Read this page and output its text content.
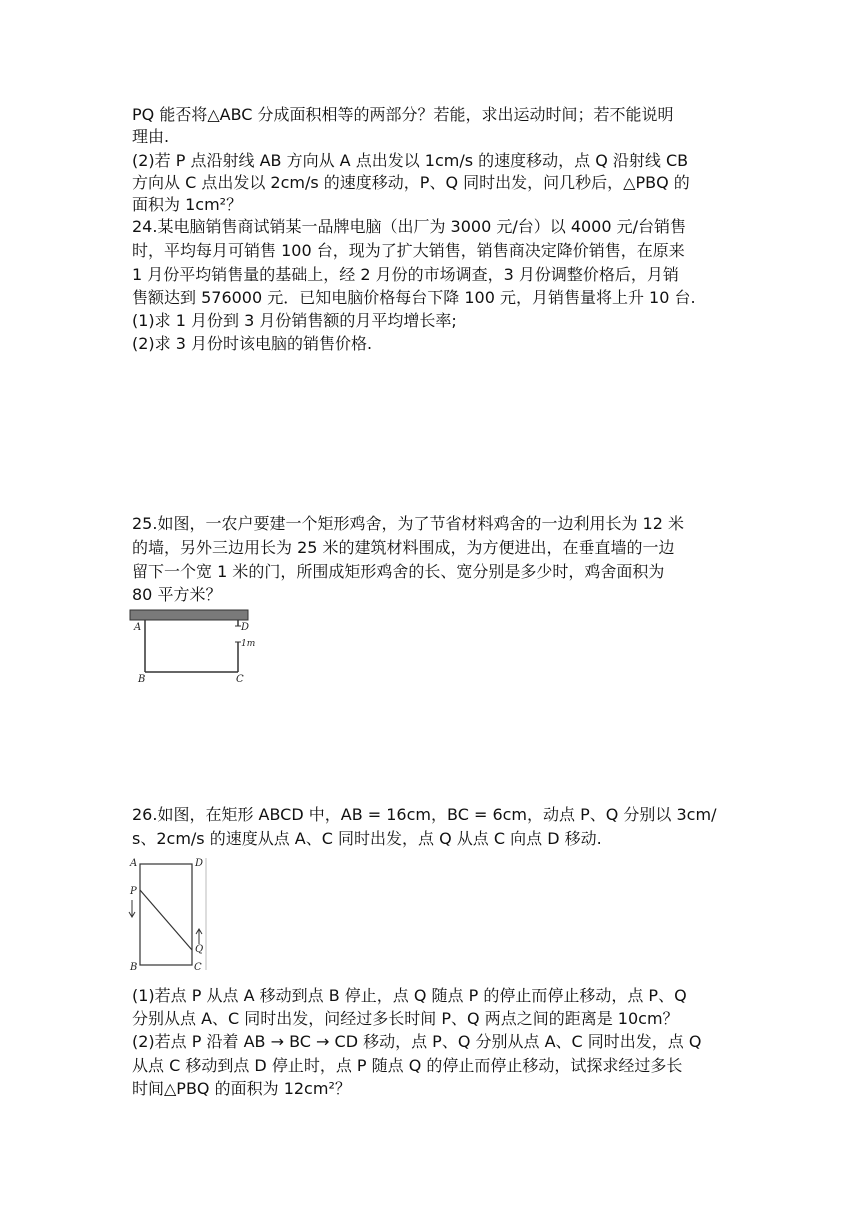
PQ 能否将△ABC 分成面积相等的两部分？若能，求出运动时间；若不能说明
理由.
(2)若 P 点沿射线 AB 方向从 A 点出发以 1cm/s 的速度移动，点 Q 沿射线 CB
方向从 C 点出发以 2cm/s 的速度移动，P、Q 同时出发，问几秒后，△PBQ 的
面积为 1cm²？
24.某电脑销售商试销某一品牌电脑（出厂为 3000 元/台）以 4000 元/台销售
时，平均每月可销售 100 台，现为了扩大销售，销售商决定降价销售，在原来
1 月份平均销售量的基础上，经 2 月份的市场调查，3 月份调整价格后，月销
售额达到 576000 元．已知电脑价格每台下降 100 元，月销售量将上升 10 台.
(1)求 1 月份到 3 月份销售额的月平均增长率;
(2)求 3 月份时该电脑的销售价格.
25.如图，一农户要建一个矩形鸡舍，为了节省材料鸡舍的一边利用长为 12 米
的墙，另外三边用长为 25 米的建筑材料围成，为方便进出，在垂直墙的一边
留下一个宽 1 米的门，所围成矩形鸡舍的长、宽分别是多少时，鸡舍面积为
80 平方米？
A	D
1m
B	C
26.如图，在矩形 ABCD 中，AB = 16cm，BC = 6cm，动点 P、Q 分别以 3cm/
s、2cm/s 的速度从点 A、C 同时出发，点 Q 从点 C 向点 D 移动.
A	D
P
Q
B	C
(1)若点 P 从点 A 移动到点 B 停止，点 Q 随点 P 的停止而停止移动，点 P、Q
分别从点 A、C 同时出发，问经过多长时间 P、Q 两点之间的距离是 10cm？
(2)若点 P 沿着 AB → BC → CD 移动，点 P、Q 分别从点 A、C 同时出发，点 Q
从点 C 移动到点 D 停止时，点 P 随点 Q 的停止而停止移动，试探求经过多长
时间△PBQ 的面积为 12cm²？
